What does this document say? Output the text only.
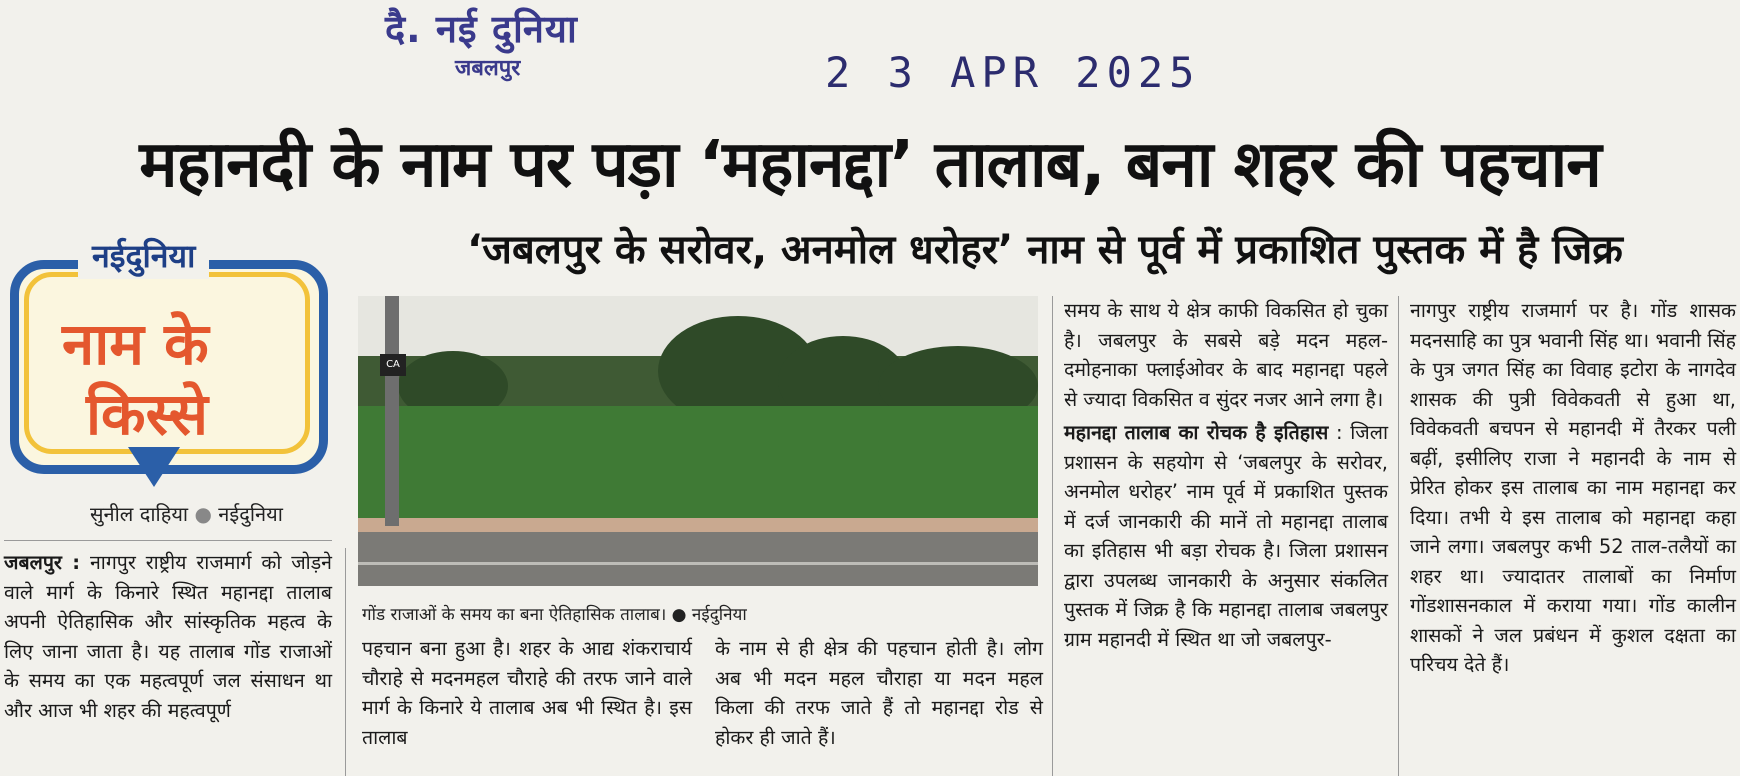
दै. नई दुनिया
जबलपुर	2 3 APR 2025
महानदी के नाम पर पड़ा ‘महानद्दा’ तालाब, बना शहर की पहचान
‘जबलपुर के सरोवर, अनमोल धरोहर’ नाम से पूर्व में प्रकाशित पुस्तक में है जिक्र
नईदुनिया
नाम के
किस्से
सुनील दाहिया ● नईदुनिया
CA
गोंड राजाओं के समय का बना ऐतिहासिक तालाब। ● नईदुनिया

जबलपुर : नागपुर राष्ट्रीय राजमार्ग को जोड़ने वाले मार्ग के किनारे स्थित महानद्दा तालाब अपनी ऐतिहासिक और सांस्कृतिक महत्व के लिए जाना जाता है। यह तालाब गोंड राजाओं के समय का एक महत्वपूर्ण जल संसाधन था और आज भी शहर की महत्वपूर्ण

पहचान बना हुआ है। शहर के आद्य शंकराचार्य चौराहे से मदनमहल चौराहे की तरफ जाने वाले मार्ग के किनारे ये तालाब अब भी स्थित है। इस तालाब

के नाम से ही क्षेत्र की पहचान होती है। लोग अब भी मदन महल चौराहा या मदन महल किला की तरफ जाते हैं तो महानद्दा रोड से होकर ही जाते हैं।

समय के साथ ये क्षेत्र काफी विकसित हो चुका है। जबलपुर के सबसे बड़े मदन महल-दमोहनाका फ्लाईओवर के बाद महानद्दा पहले से ज्यादा विकसित व सुंदर नजर आने लगा है।

महानद्दा तालाब का रोचक है इतिहास : जिला प्रशासन के सहयोग से ‘जबलपुर के सरोवर, अनमोल धरोहर’ नाम पूर्व में प्रकाशित पुस्तक में दर्ज जानकारी की मानें तो महानद्दा तालाब का इतिहास भी बड़ा रोचक है। जिला प्रशासन द्वारा उपलब्ध जानकारी के अनुसार संकलित पुस्तक में जिक्र है कि महानद्दा तालाब जबलपुर ग्राम महानदी में स्थित था जो जबलपुर-

नागपुर राष्ट्रीय राजमार्ग पर है। गोंड शासक मदनसाहि का पुत्र भवानी सिंह था। भवानी सिंह के पुत्र जगत सिंह का विवाह इटोरा के नागदेव शासक की पुत्री विवेकवती से हुआ था, विवेकवती बचपन से महानदी में तैरकर पली बढ़ीं, इसीलिए राजा ने महानदी के नाम से प्रेरित होकर इस तालाब का नाम महानद्दा कर दिया। तभी ये इस तालाब को महानद्दा कहा जाने लगा। जबलपुर कभी 52 ताल-तलैयों का शहर था। ज्यादातर तालाबों का निर्माण गोंडशासनकाल में कराया गया। गोंड कालीन शासकों ने जल प्रबंधन में कुशल दक्षता का परिचय देते हैं।
